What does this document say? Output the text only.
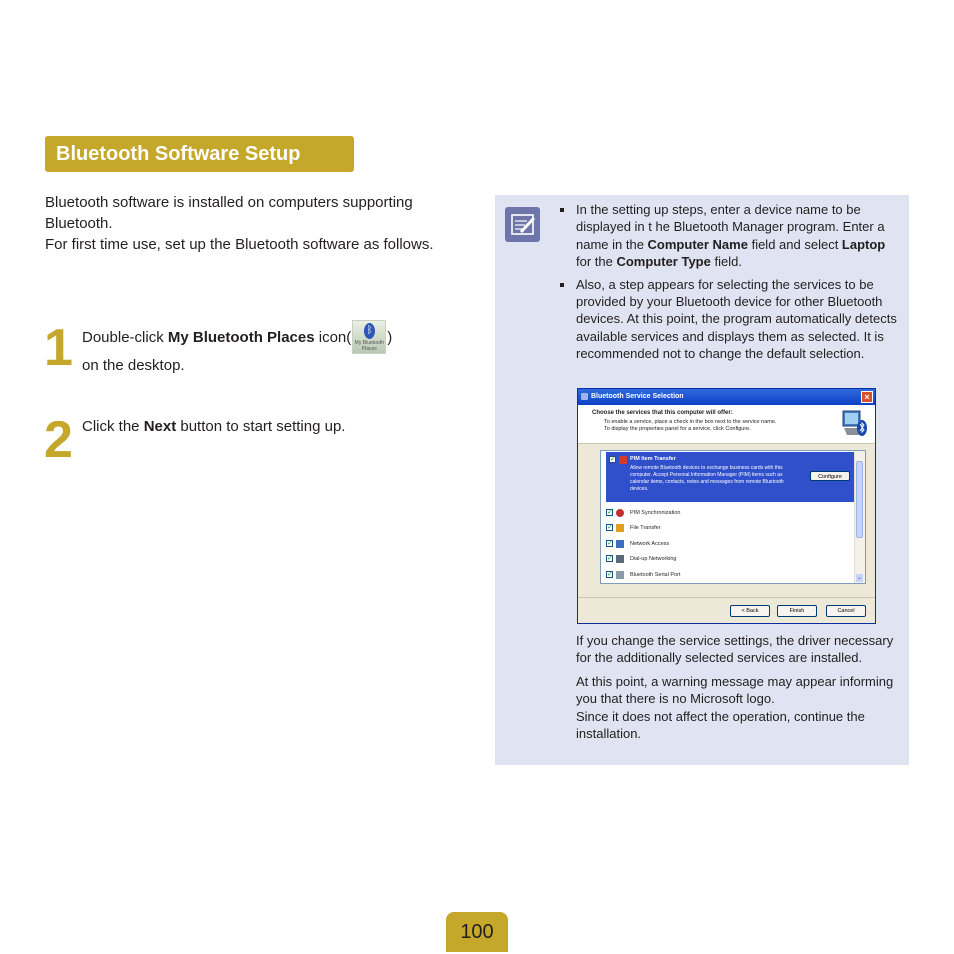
Bluetooth Software Setup

Bluetooth software is installed on computers supporting Bluetooth.

For first time use, set up the Bluetooth software as follows.

1 Double-click My Bluetooth Places icon( ᛒ
My Bluetooth Places
)
on the desktop.
2 Click the Next button to start setting up.
In the setting up steps, enter a device name to be displayed in t he Bluetooth Manager program. Enter a name in the Computer Name field and select Laptop for the Computer Type field.
Also, a step appears for selecting the services to be provided by your Bluetooth device for other Bluetooth devices. At this point, the program automatically detects available services and displays them as selected. It is recommended not to change the default selection.
Bluetooth Service Selection	×
Choose the services that this computer will offer:
To enable a service, place a check in the box next to the service name.
To display the properties panel for a service, click Configure.
✓	PIM Item Transfer
Allow remote Bluetooth devices to exchange business cards with this computer. Accept Personal Information Manager (PIM) items such as calendar items, contacts, notes and messages from remote Bluetooth devices.
Configure
✓	PIM Synchronization
✓	File Transfer
✓	Network Access
✓	Dial-up Networking
✓	Bluetooth Serial Port	⌄
< Back	Finish	Cancel

If you change the service settings, the driver necessary for the additionally selected services are installed.

At this point, a warning message may appear informing you that there is no Microsoft logo.

Since it does not affect the operation, continue the installation.

100
